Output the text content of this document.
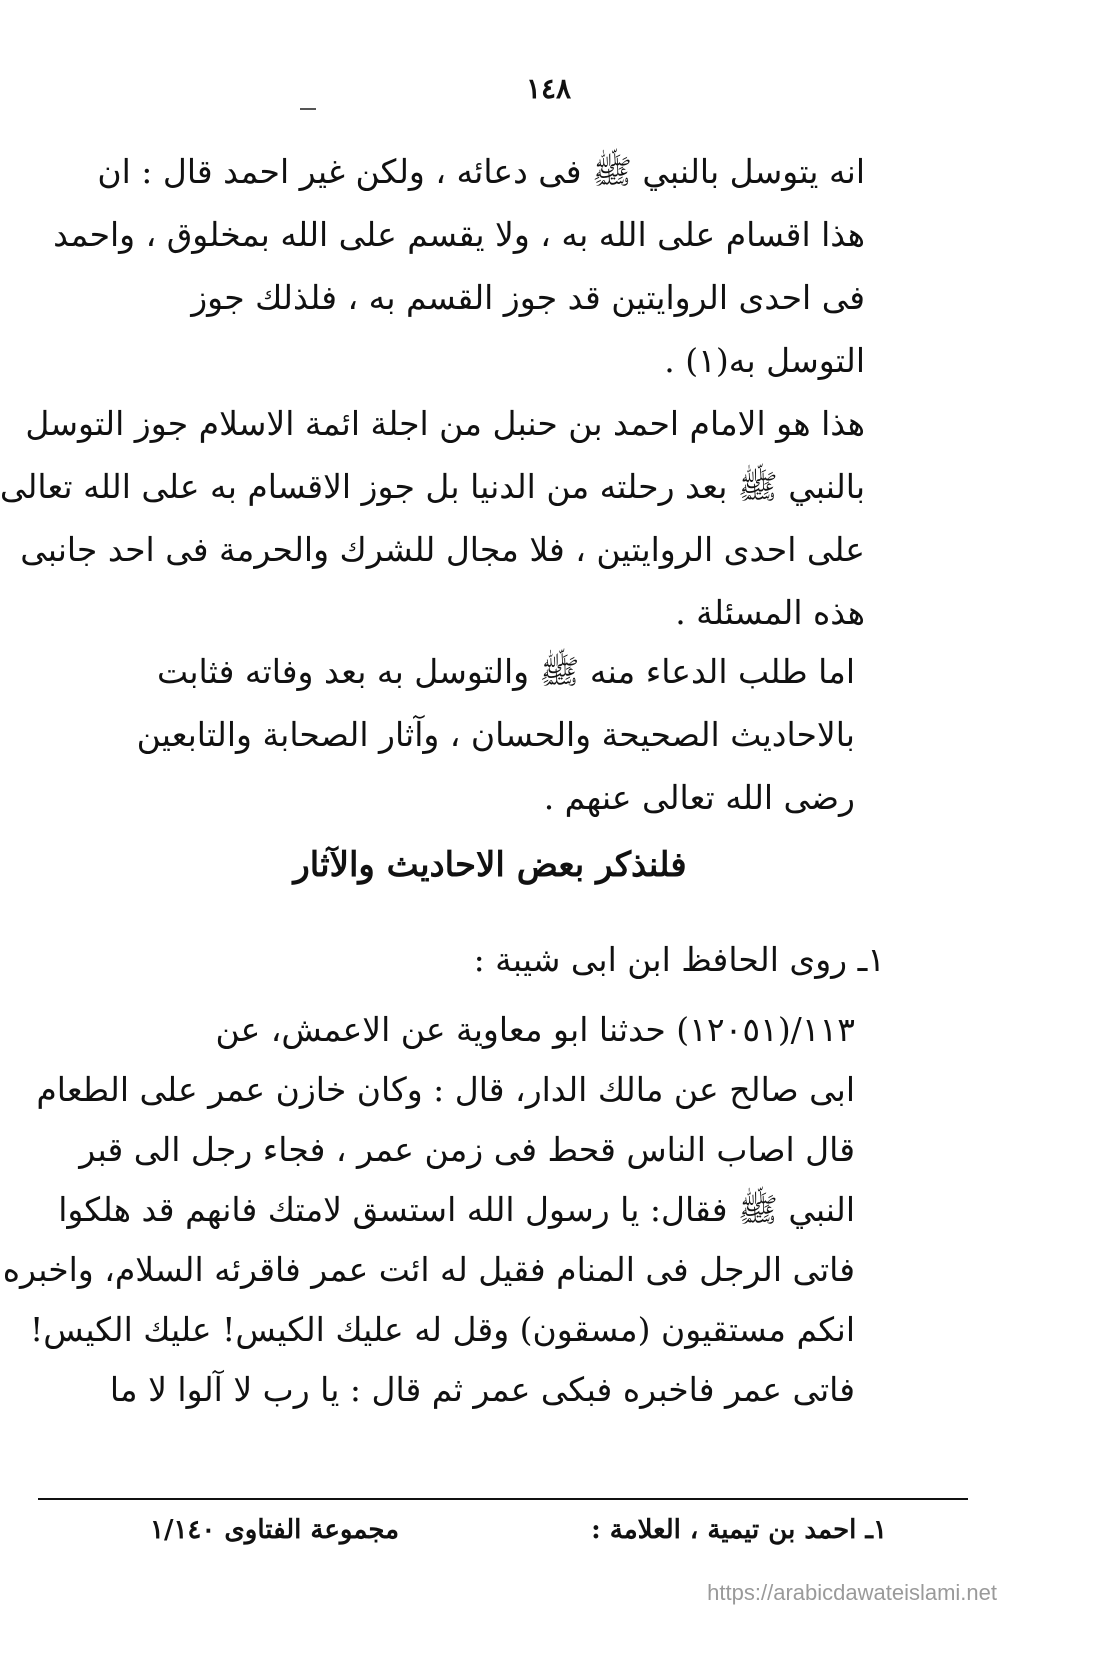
١٤٨
انه يتوسل بالنبي ﷺ فى دعائه ، ولكن غير احمد قال : ان
هذا اقسام على الله به ، ولا يقسم على الله بمخلوق ، واحمد
فى احدى الروايتين قد جوز القسم به ، فلذلك جوز
التوسل به(١) .
هذا هو الامام احمد بن حنبل من اجلة ائمة الاسلام جوز التوسل
بالنبي ﷺ بعد رحلته من الدنيا بل جوز الاقسام به على الله تعالى
على احدى الروايتين ، فلا مجال للشرك والحرمة فى احد جانبى
هذه المسئلة .
اما طلب الدعاء منه ﷺ والتوسل به بعد وفاته فثابت
بالاحاديث الصحيحة والحسان ، وآثار الصحابة والتابعين
رضى الله تعالى عنهم .
فلنذكر بعض الاحاديث والآثار
١ـ روى الحافظ ابن ابى شيبة :
١١٣/(١٢٠٥١) حدثنا ابو معاوية عن الاعمش، عن
ابى صالح عن مالك الدار، قال : وكان خازن عمر على الطعام
قال اصاب الناس قحط فى زمن عمر ، فجاء رجل الى قبر
النبي ﷺ فقال: يا رسول الله استسق لامتك فانهم قد هلكوا
فاتى الرجل فى المنام فقيل له ائت عمر فاقرئه السلام، واخبره
انكم مستقيون (مسقون) وقل له عليك الكيس! عليك الكيس!
فاتى عمر فاخبره فبكى عمر ثم قال : يا رب لا آلوا لا ما
١ـ احمد بن تيمية ، العلامة :
مجموعة الفتاوى ١/١٤٠
https://arabicdawateislami.net
